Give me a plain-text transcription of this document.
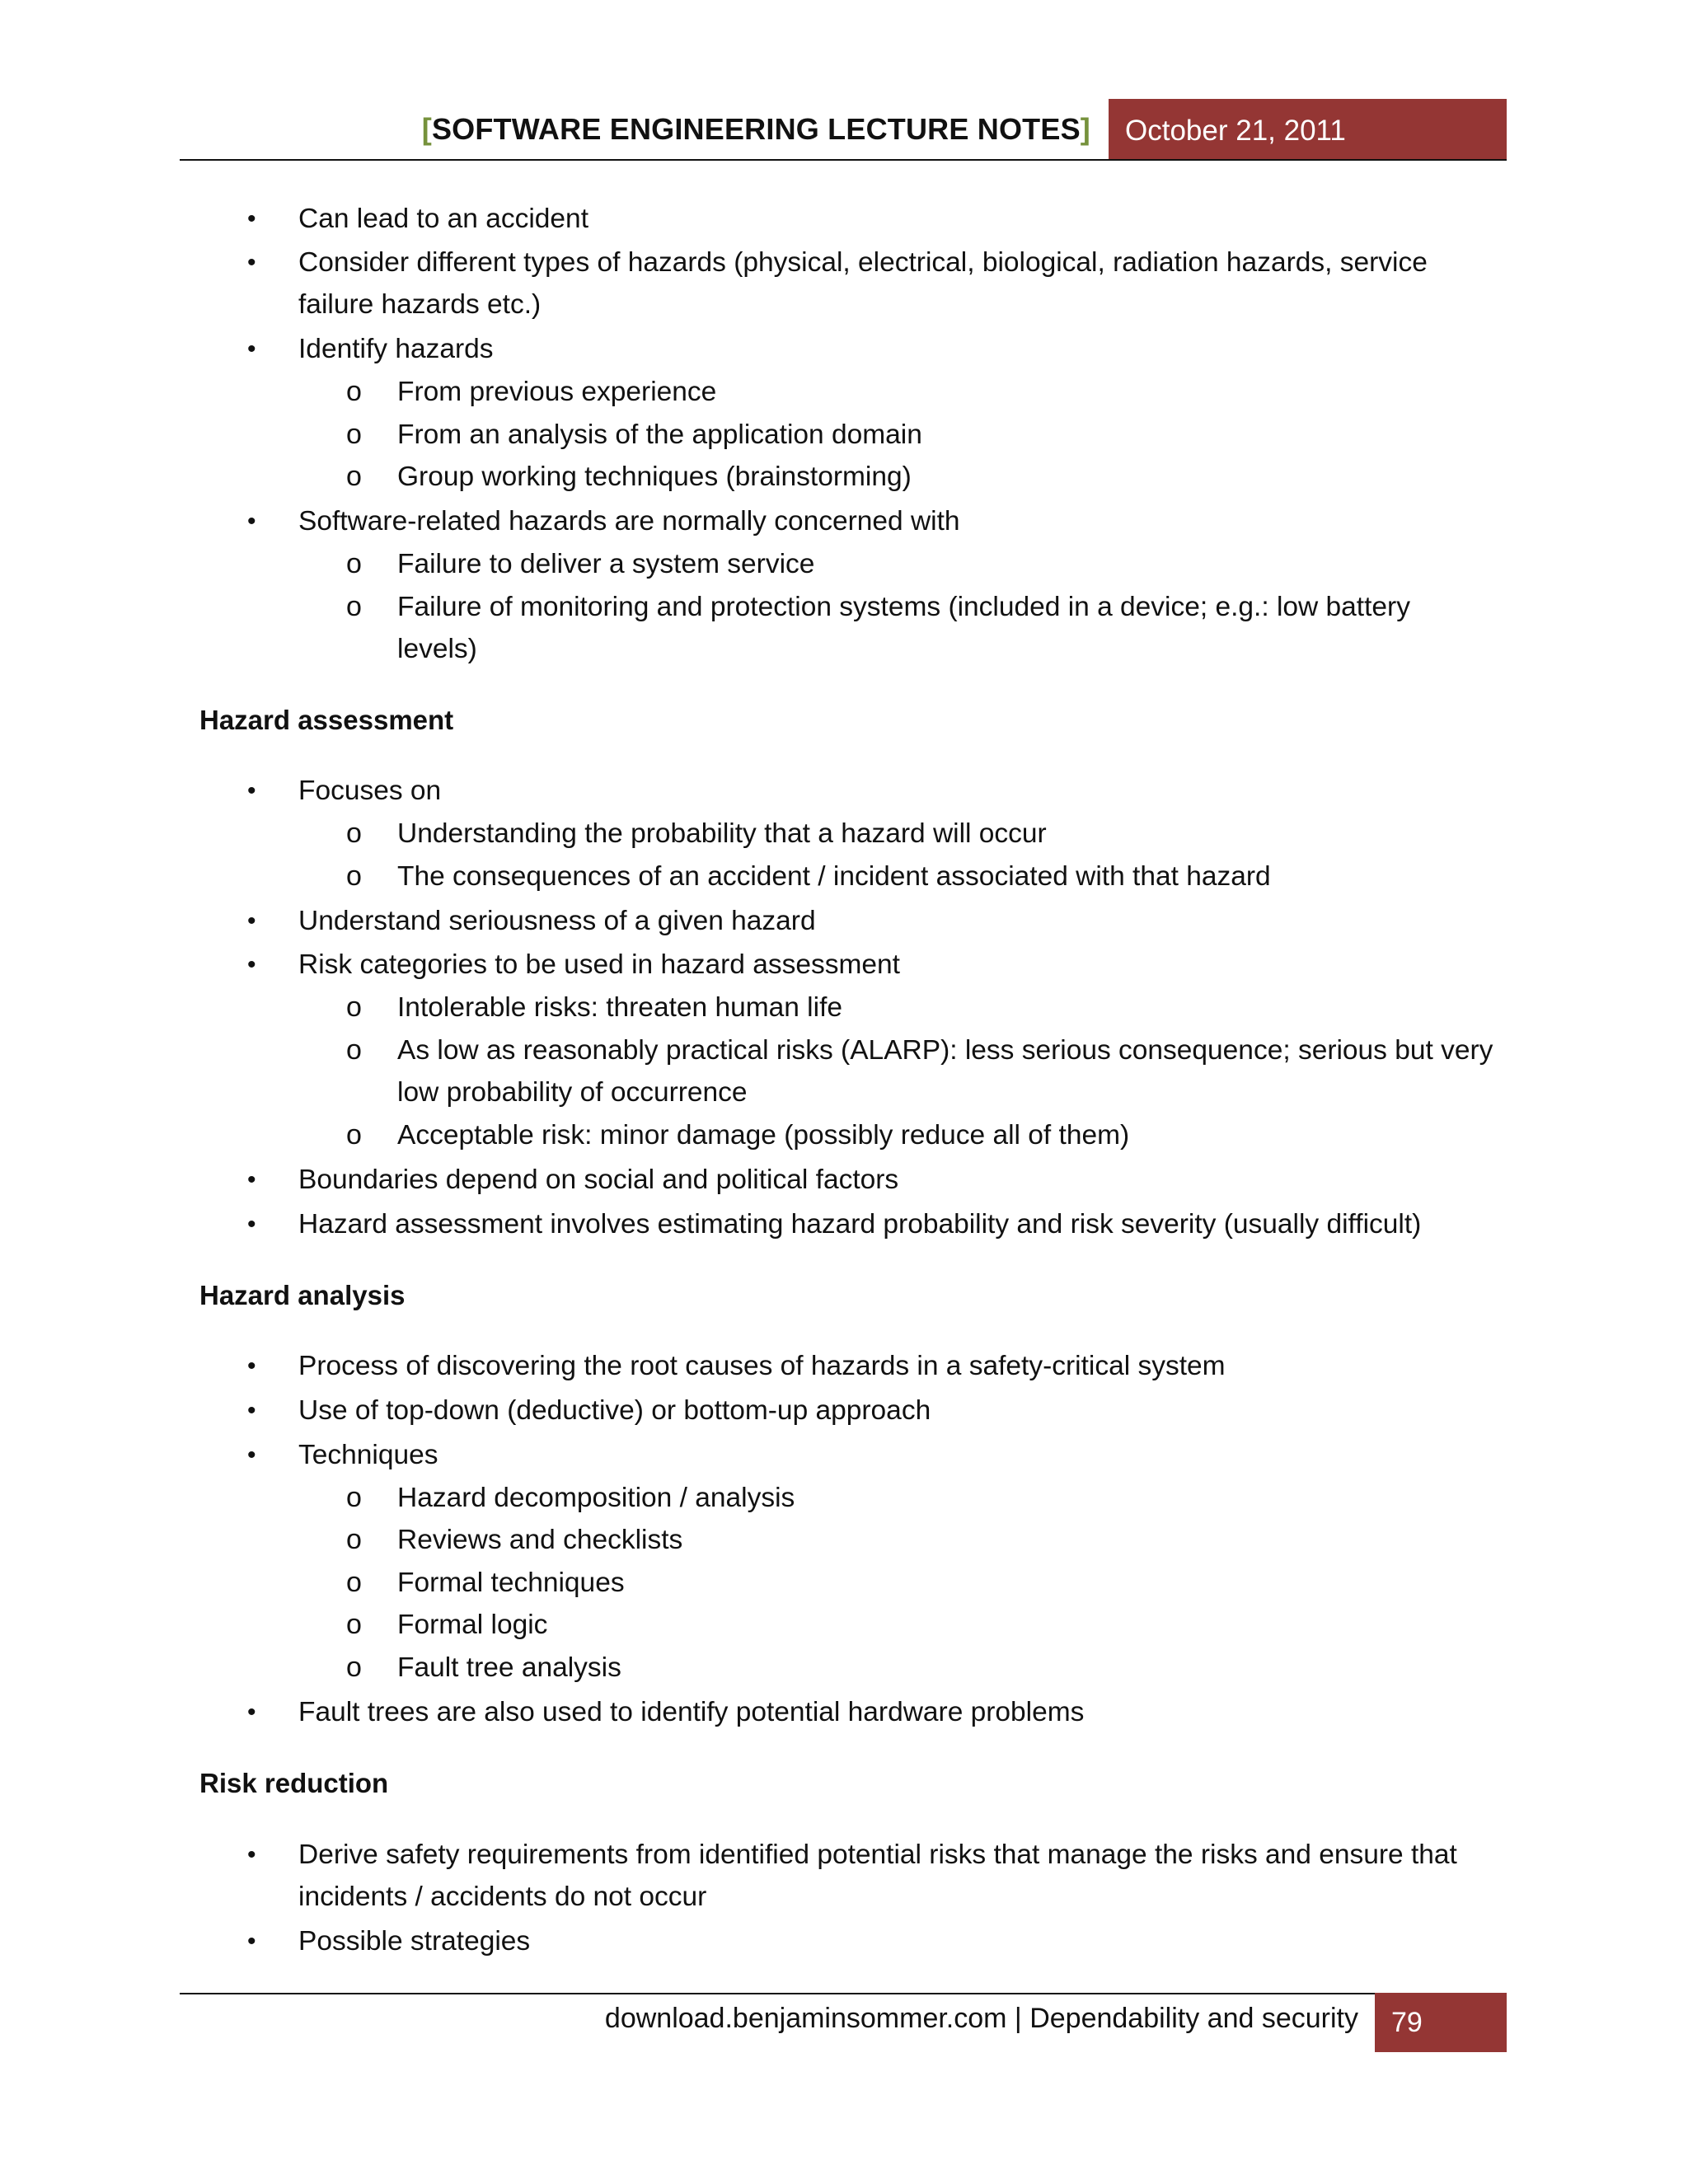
[SOFTWARE ENGINEERING LECTURE NOTES]	October 21, 2011
• Can lead to an accident
• Consider different types of hazards (physical, electrical, biological, radiation hazards, service
failure hazards etc.)
• Identify hazards
o From previous experience
o From an analysis of the application domain
o Group working techniques (brainstorming)
• Software-related hazards are normally concerned with
o Failure to deliver a system service
o Failure of monitoring and protection systems (included in a device; e.g.: low battery
levels)
Hazard assessment
• Focuses on
o Understanding the probability that a hazard will occur
o The consequences of an accident / incident associated with that hazard
• Understand seriousness of a given hazard
• Risk categories to be used in hazard assessment
o Intolerable risks: threaten human life
o As low as reasonably practical risks (ALARP): less serious consequence; serious but very
low probability of occurrence
o Acceptable risk: minor damage (possibly reduce all of them)
• Boundaries depend on social and political factors
• Hazard assessment involves estimating hazard probability and risk severity (usually difficult)
Hazard analysis
• Process of discovering the root causes of hazards in a safety-critical system
• Use of top-down (deductive) or bottom-up approach
• Techniques
o Hazard decomposition / analysis
o Reviews and checklists
o Formal techniques
o Formal logic
o Fault tree analysis
• Fault trees are also used to identify potential hardware problems
Risk reduction
• Derive safety requirements from identified potential risks that manage the risks and ensure that
incidents / accidents do not occur
• Possible strategies
download.benjaminsommer.com | Dependability and security	79
